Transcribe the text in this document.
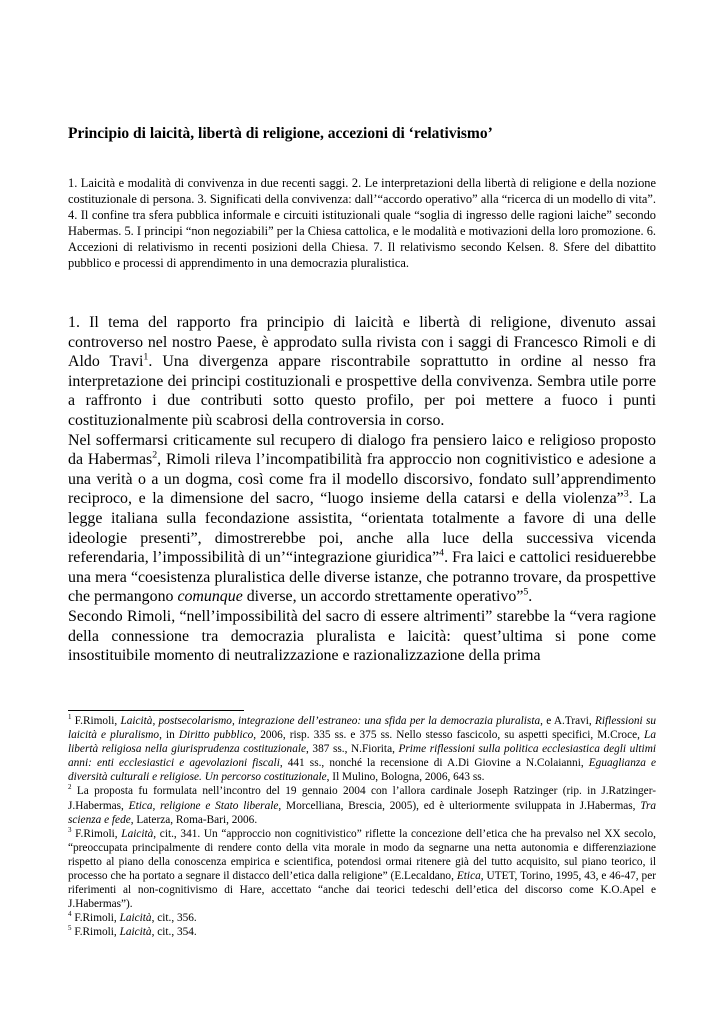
Principio di laicità, libertà di religione, accezioni di ‘relativismo’
1. Laicità e modalità di convivenza in due recenti saggi. 2. Le interpretazioni della libertà di religione e della nozione costituzionale di persona. 3. Significati della convivenza: dall’“accordo operativo” alla “ricerca di un modello di vita”. 4. Il confine tra sfera pubblica informale e circuiti istituzionali quale “soglia di ingresso delle ragioni laiche” secondo Habermas. 5. I principi “non negoziabili” per la Chiesa cattolica, e le modalità e motivazioni della loro promozione. 6. Accezioni di relativismo in recenti posizioni della Chiesa. 7. Il relativismo secondo Kelsen. 8. Sfere del dibattito pubblico e processi di apprendimento in una democrazia pluralistica.

1. Il tema del rapporto fra principio di laicità e libertà di religione, divenuto assai controverso nel nostro Paese, è approdato sulla rivista con i saggi di Francesco Rimoli e di Aldo Travi$^1$. Una divergenza appare riscontrabile soprattutto in ordine al nesso fra interpretazione dei principi costituzionali e prospettive della convivenza. Sembra utile porre a raffronto i due contributi sotto questo profilo, per poi mettere a fuoco i punti costituzionalmente più scabrosi della controversia in corso.

Nel soffermarsi criticamente sul recupero di dialogo fra pensiero laico e religioso proposto da Habermas$^2$, Rimoli rileva l’incompatibilità fra approccio non cognitivistico e adesione a una verità o a un dogma, così come fra il modello discorsivo, fondato sull’apprendimento reciproco, e la dimensione del sacro, “luogo insieme della catarsi e della violenza”$^3$. La legge italiana sulla fecondazione assistita, “orientata totalmente a favore di una delle ideologie presenti”, dimostrerebbe poi, anche alla luce della successiva vicenda referendaria, l’impossibilità di un’“integrazione giuridica”$^4$. Fra laici e cattolici residuerebbe una mera “coesistenza pluralistica delle diverse istanze, che potranno trovare, da prospettive che permangono comunque diverse, un accordo strettamente operativo”$^5$.

Secondo Rimoli, “nell’impossibilità del sacro di essere altrimenti” starebbe la “vera ragione della connessione tra democrazia pluralista e laicità: quest’ultima si pone come insostituibile momento di neutralizzazione e razionalizzazione della prima

$^1$ F.Rimoli, Laicità, postsecolarismo, integrazione dell’estraneo: una sfida per la democrazia pluralista, e A.Travi, Riflessioni su laicità e pluralismo, in Diritto pubblico, 2006, risp. 335 ss. e 375 ss. Nello stesso fascicolo, su aspetti specifici, M.Croce, La libertà religiosa nella giurisprudenza costituzionale, 387 ss., N.Fiorita, Prime riflessioni sulla politica ecclesiastica degli ultimi anni: enti ecclesiastici e agevolazioni fiscali, 441 ss., nonché la recensione di A.Di Giovine a N.Colaianni, Eguaglianza e diversità culturali e religiose. Un percorso costituzionale, Il Mulino, Bologna, 2006, 643 ss.

$^2$ La proposta fu formulata nell’incontro del 19 gennaio 2004 con l’allora cardinale Joseph Ratzinger (rip. in J.Ratzinger-J.Habermas, Etica, religione e Stato liberale, Morcelliana, Brescia, 2005), ed è ulteriormente sviluppata in J.Habermas, Tra scienza e fede, Laterza, Roma-Bari, 2006.

$^3$ F.Rimoli, Laicità, cit., 341. Un “approccio non cognitivistico” riflette la concezione dell’etica che ha prevalso nel XX secolo, “preoccupata principalmente di rendere conto della vita morale in modo da segnarne una netta autonomia e differenziazione rispetto al piano della conoscenza empirica e scientifica, potendosi ormai ritenere già del tutto acquisito, sul piano teorico, il processo che ha portato a segnare il distacco dell’etica dalla religione” (E.Lecaldano, Etica, UTET, Torino, 1995, 43, e 46-47, per riferimenti al non-cognitivismo di Hare, accettato “anche dai teorici tedeschi dell’etica del discorso come K.O.Apel e J.Habermas”).

$^4$ F.Rimoli, Laicità, cit., 356.

$^5$ F.Rimoli, Laicità, cit., 354.
